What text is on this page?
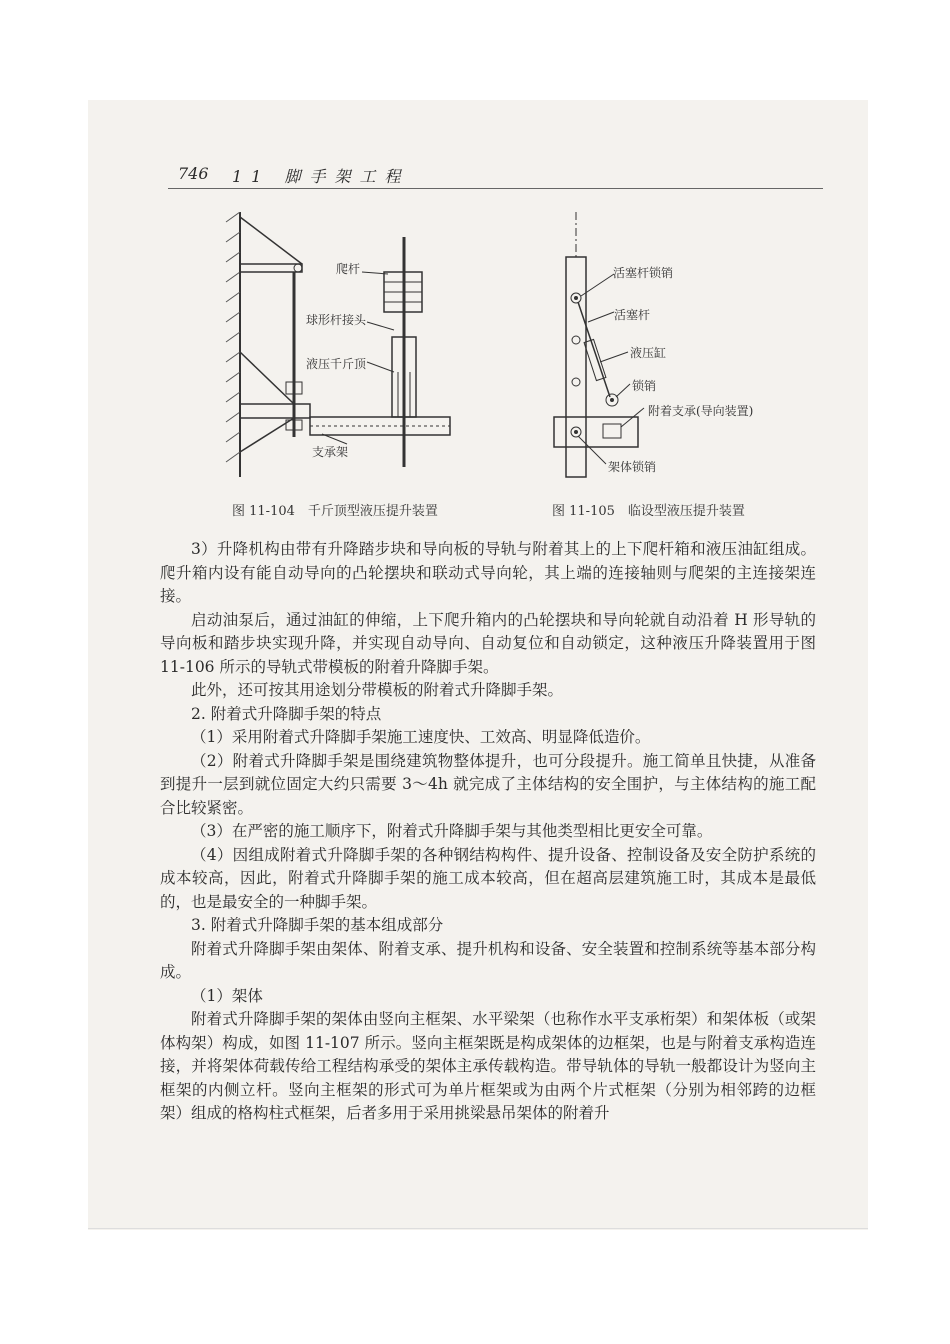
746 11 脚手架工程
爬杆
球形杆接头
液压千斤顶
支承架
图 11-104　千斤顶型液压提升装置
活塞杆锁销
活塞杆
液压缸
锁销
附着支承(导向装置)
架体锁销
图 11-105　临设型液压提升装置

3）升降机构由带有升降踏步块和导向板的导轨与附着其上的上下爬杆箱和液压油缸组成。爬升箱内设有能自动导向的凸轮摆块和联动式导向轮，其上端的连接轴则与爬架的主连接架连接。

启动油泵后，通过油缸的伸缩，上下爬升箱内的凸轮摆块和导向轮就自动沿着 H 形导轨的导向板和踏步块实现升降，并实现自动导向、自动复位和自动锁定，这种液压升降装置用于图 11-106 所示的导轨式带模板的附着升降脚手架。

此外，还可按其用途划分带模板的附着式升降脚手架。

2. 附着式升降脚手架的特点

（1）采用附着式升降脚手架施工速度快、工效高、明显降低造价。

（2）附着式升降脚手架是围绕建筑物整体提升，也可分段提升。施工简单且快捷，从准备到提升一层到就位固定大约只需要 3～4h 就完成了主体结构的安全围护，与主体结构的施工配合比较紧密。

（3）在严密的施工顺序下，附着式升降脚手架与其他类型相比更安全可靠。

（4）因组成附着式升降脚手架的各种钢结构构件、提升设备、控制设备及安全防护系统的成本较高，因此，附着式升降脚手架的施工成本较高，但在超高层建筑施工时，其成本是最低的，也是最安全的一种脚手架。

3. 附着式升降脚手架的基本组成部分

附着式升降脚手架由架体、附着支承、提升机构和设备、安全装置和控制系统等基本部分构成。

（1）架体

附着式升降脚手架的架体由竖向主框架、水平梁架（也称作水平支承桁架）和架体板（或架体构架）构成，如图 11-107 所示。竖向主框架既是构成架体的边框架，也是与附着支承构造连接，并将架体荷载传给工程结构承受的架体主承传载构造。带导轨体的导轨一般都设计为竖向主框架的内侧立杆。竖向主框架的形式可为单片框架或为由两个片式框架（分别为相邻跨的边框架）组成的格构柱式框架，后者多用于采用挑梁悬吊架体的附着升
